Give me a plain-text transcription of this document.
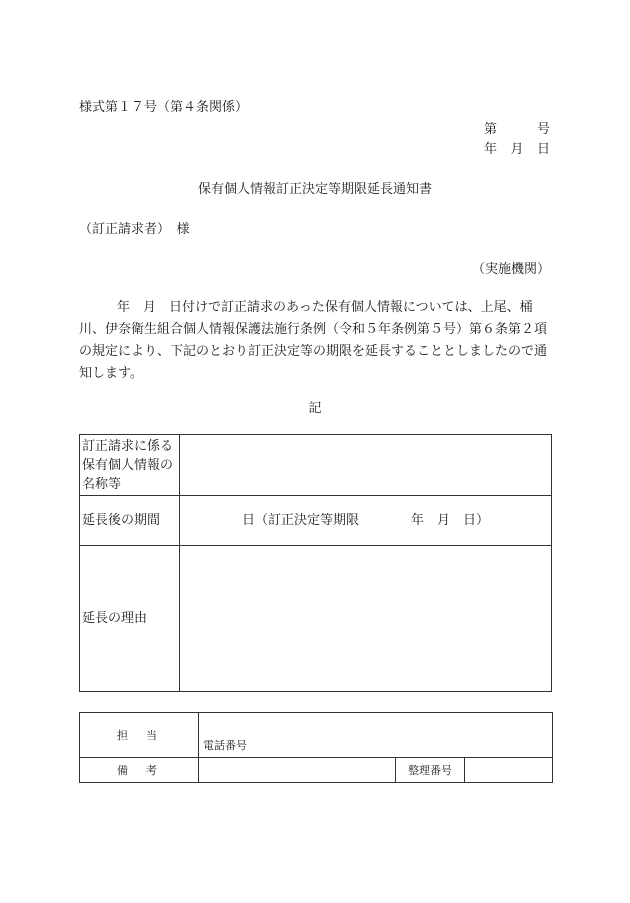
様式第１７号（第４条関係）
第	号
年 月 日
保有個人情報訂正決定等期限延長通知書
（訂正請求者）　様
（実施機関）
年　月　日付けで訂正請求のあった保有個人情報については、上尾、桶川、伊奈衛生組合個人情報保護法施行条例（令和５年条例第５号）第６条第２項の規定により、下記のとおり訂正決定等の期限を延長することとしましたので通知します。
記
訂正請求に係る保有個人情報の名称等	
延長後の期間	日（訂正決定等期限 年　月　日）

延長の理由	
担当	電話番号		
備考		整理番号	
